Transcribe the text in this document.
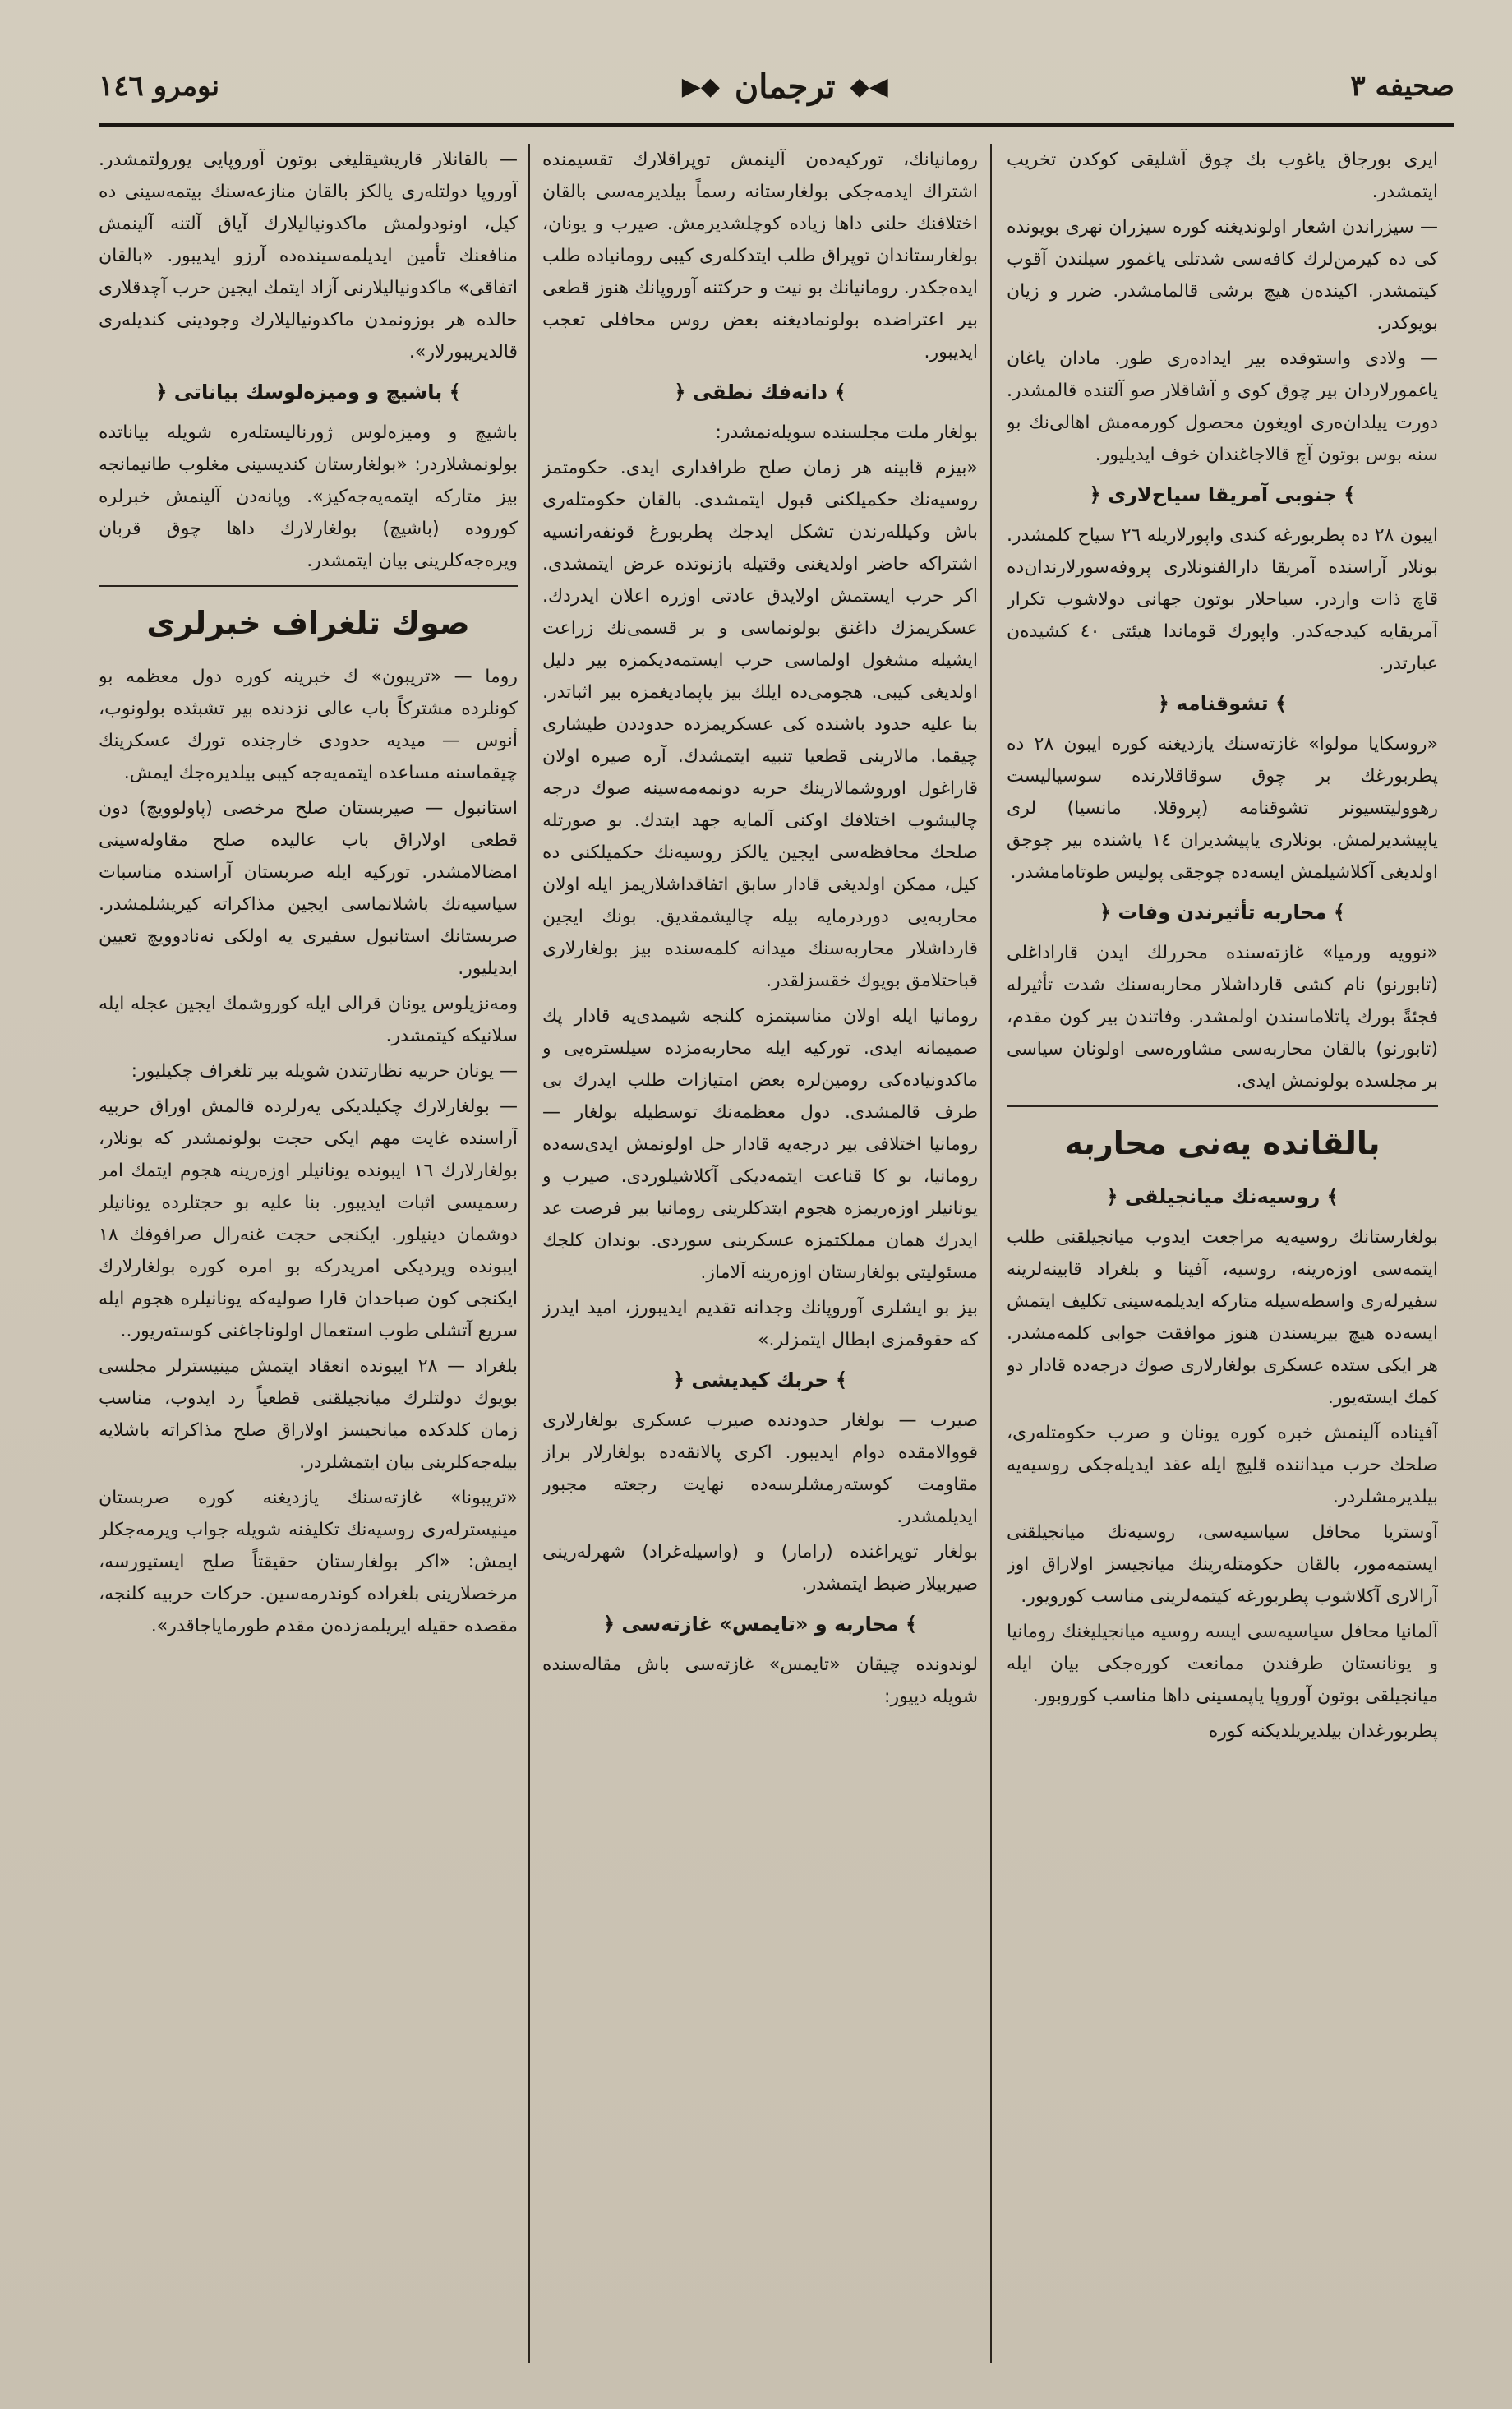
صحیفه ٣
◀◆
ترجمان
◆▶
نومرو ١٤٦

ایری بورجاق یاغوب بك چوق آشلیقی کوکدن تخریب ایتمشدر.

— سیزراندن اشعار اولوندیغنه کوره سیزران نهری بویونده کی ده کیرمن‌لرك کافه‌سی شدتلی یاغمور سیلندن آقوب کیتمشدر. اکینده‌ن هیچ برشی قالمامشدر. ضرر و زیان بویوکدر.

— ولادی واستوقده بیر ایداده‌ری طور. مادان یاغان یاغمورلاردان بیر چوق کوی و آشاقلار صو آلتنده قالمشدر. دورت ییلدان‌ه‌ری اویغون محصول کورمه‌مش اهالی‌نك بو سنه بوس بوتون آچ قالاجاغندان خوف ایدیلیور.

﴾ جنوبی آمریقا سیاح‌لاری ﴿

ایبون ٢٨ ده پطربورغه کندی واپورلاریله ٢٦ سیاح کلمشدر. بونلار آراسنده آمریقا دارالفنونلاری پروفه‌سورلارندان‌ده قاچ ذات واردر. سیاحلار بوتون جهانی دولاشوب تکرار آمریقایه کیدجه‌کدر. واپورك قوماندا هیئتی ٤٠ کشیده‌ن عبارتدر.

﴾ تشوقنامه ﴿

«روسکایا مولوا» غازته‌سنك یازدیغنه کوره ایبون ٢٨ ده پطربورغك بر چوق سوقاقلارنده سوسیالیست رهوولیتسیونر تشوقنامه (پروقلا. مانسیا) لری یاپیشدیرلمش. بونلاری یاپیشدیران ١٤ یاشنده بیر چوجق اولدیغی آکلاشیلمش ایسه‌ده چوجقی پولیس طوتامامشدر.

﴾ محاربه تأثیرندن وفات ﴿

«نوویه ورمیا» غازته‌سنده محررلك ایدن قاراداغلی (تابورنو) نام کشی قارداشلار محاربه‌سنك شدت تأثیرله فجئةً بورك پاتلاماسندن اولمشدر. وفاتندن بیر کون مقدم، (تابورنو) بالقان محاربه‌سی مشاوره‌سی اولونان سیاسی بر مجلسده بولونمش ایدی.

بالقانده یه‌نی محاربه
﴾ روسیه‌نك میانجیلقی ﴿

بولغارستانك روسیه‌یه مراجعت ایدوب میانجیلقنی طلب ایتمه‌سی اوزه‌رینه، روسیه، آفینا و بلغراد قابینه‌لرینه سفیرله‌ری واسطه‌سیله متارکه ایدیلمه‌سینی تکلیف ایتمش ایسه‌ده هیچ بیریسندن هنوز موافقت جوابی کلمه‌مشدر. هر ایکی ستده عسکری بولغارلاری صوك درجه‌ده قادار دو کمك ایسته‌یور.

آفیناده آلینمش خبره کوره یونان و صرب حکومتله‌ری، صلحك حرب میداننده قلیچ ایله عقد ایدیله‌جکی روسیه‌یه بیلدیرمشلردر.

آوستریا محافل سیاسیه‌سی، روسیه‌نك میانجیلقنی ایستمه‌مور، بالقان حکومتله‌رینك میانجیسز اولاراق اوز آرالاری آکلاشوب پطربورغه کیتمه‌لرینی مناسب کورویور.

آلمانیا محافل سیاسیه‌سی ایسه روسیه میانجیلیغنك رومانیا و یونانستان طرفندن ممانعت کوره‌جکی بیان ایله میانجیلقی بوتون آوروپا یاپمسینی داها مناسب کوروبور.

پطربورغدان بیلدیریلدیکنه کوره

رومانیانك، تورکیه‌ده‌ن آلینمش توپراقلارك تقسیمنده اشتراك ایدمه‌جکی بولغارستانه رسماً بیلدیرمه‌سی بالقان اختلافنك حلنی داها زیاده کوچلشدیرمش. صیرب و یونان، بولغارستاندان توپراق طلب ایتدکله‌ری کیبی رومانیاده طلب ایده‌جکدر. رومانیانك بو نیت و حرکتنه آوروپانك هنوز قطعی بیر اعتراضده بولونمادیغنه بعض روس محافلی تعجب ایدیبور.

﴾ دانه‌فك نطقی ﴿

بولغار ملت مجلسنده سویله‌نمشدر:

«بیزم قابینه هر زمان صلح طرافداری ایدی. حکومتمز روسیه‌نك حکمیلکنی قبول ایتمشدی. بالقان حکومتله‌ری باش وکیلله‌رندن تشکل ایدجك پطربورغ قونفه‌رانسیه اشتراکه حاضر اولدیغنی وقتیله بازنوتده عرض ایتمشدی. اکر حرب ایستمش اولایدق عادتی اوزره اعلان ایدردك. عسکریمزك داغنق بولونماسی و بر قسمی‌نك زراعت ایشیله مشغول اولماسی حرب ایستمه‌دیکمزه بیر دلیل اولدیغی کیبی. هجومی‌ده ایلك بیز یاپمادیغمزه بیر اثباتدر. بنا علیه حدود باشنده کی عسکریمزده حدوددن طیشاری چیقما. مالارینی قطعیا تنبیه ایتمشدك. آره صیره اولان قاراغول اوروشمالارینك حربه دونمه‌مه‌سینه صوك درجه چالیشوب اختلافك اوکنی آلمایه جهد ایتدك. بو صورتله صلحك محافظه‌سی ایجین یالکز روسیه‌نك حکمیلکنی ده کیل، ممکن اولدیغی قادار سابق اتفاقداشلاریمز ایله اولان محاربه‌یی دوردرمایه بیله چالیشمقدیق. بونك ایجین قارداشلار محاربه‌سنك میدانه کلمه‌سنده بیز بولغارلاری قباحتلامق بویوك خقسزلقدر.

رومانیا ایله اولان مناسبتمزه کلنجه شیمدی‌یه قادار پك صمیمانه ایدی. تورکیه ایله محاربه‌مزده سیلستره‌یی و ماکدونیاده‌کی رومین‌لره بعض امتیازات طلب ایدرك بی طرف قالمشدی. دول معظمه‌نك توسطیله بولغار — رومانیا اختلافی بیر درجه‌یه قادار حل اولونمش ایدی‌سه‌ده رومانیا، بو کا قناعت ایتمه‌دیکی آکلاشیلوردی. صیرب و یونانیلر اوزه‌ریمزه هجوم ایتدکلرینی رومانیا بیر فرصت عد ایدرك همان مملکتمزه عسکرینی سوردی. بوندان کلجك مسئولیتی بولغارستان اوزه‌رینه آلاماز.

بیز بو ایشلری آوروپانك وجدانه تقدیم ایدیبورز، امید ایدرز که حقوقمزی ابطال ایتمزلر.»

﴾ حربك کیدیشی ﴿

صیرب — بولغار حدودنده صیرب عسکری بولغارلاری قووالامقده دوام ایدیبور. اکری پالانقه‌ده بولغارلار براز مقاومت کوسته‌رمشلرسه‌ده نهایت رجعته مجبور ایدیلمشدر.

بولغار توپراغنده (رامار) و (واسیله‌غراد) شهرله‌رینی صیربیلار ضبط ایتمشدر.

﴾ محاربه و «تایمس» غازته‌سی ﴿

لوندونده چیقان «تایمس» غازته‌سی باش مقاله‌سنده شویله دییور:

— بالقانلار قاریشیقلیغی بوتون آوروپایی یورولتمشدر. آوروپا دولتله‌ری یالکز بالقان منازعه‌سنك بیتمه‌سینی ده کیل، اونودولمش ماکدونیالیلارك آیاق آلتنه آلینمش منافعنك تأمین ایدیلمه‌سینده‌ده آرزو ایدیبور. «بالقان اتفاقی» ماکدونیالیلارنی آزاد ایتمك ایجین حرب آچدقلاری حالده هر بوزونمدن ماکدونیالیلارك وجودینی کندیله‌ری قالدیریبورلار».

﴾ باشیچ و ومیزه‌لوسك بیاناتی ﴿

باشیچ و ومیزه‌لوس ژورنالیستله‌ره شویله بیاناتده بولونمشلاردر: «بولغارستان کندیسینی مغلوب طانیمانجه بیز متارکه ایتمه‌یه‌جه‌کیز». وپانه‌دن آلینمش خبرلره کوروده (باشیچ) بولغارلارك داها چوق قربان ویره‌جه‌کلرینی بیان ایتمشدر.

صوك تلغراف خبرلری

روما — «تریبون» ك خبرینه کوره دول معظمه بو کونلرده مشترکاً باب عالی نزدنده بیر تشبثده بولونوب، أنوس — میدیه حدودی خارجنده تورك عسکرینك چیقماسنه مساعده ایتمه‌یه‌جه کیبی بیلدیره‌جك ایمش.

استانبول — صیربستان صلح مرخصی (پاولوویچ) دون قطعی اولاراق باب عالیده صلح مقاوله‌سینی امضالامشدر. تورکیه ایله صربستان آراسنده مناسبات سیاسیه‌نك باشلانماسی ایجین مذاکراته کیریشلمشدر. صربستانك استانبول سفیری یه اولکی نه‌نادوویچ تعیین ایدیلیور.

ومه‌نزیلوس یونان قرالی ایله کوروشمك ایجین عجله ایله سلانیکه کیتمشدر.

— یونان حربیه نظارتندن شویله بیر تلغراف چکیلیور:

— بولغارلارك چکیلدیکی یه‌رلرده قالمش اوراق حربیه آراسنده غایت مهم ایکی حجت بولونمشدر که بونلار، بولغارلارك ١٦ ایبونده یونانیلر اوزه‌رینه هجوم ایتمك امر رسمیسی اثبات ایدیبور. بنا علیه بو حجتلرده یونانیلر دوشمان دینیلور. ایکنجی حجت غنه‌رال صرافوفك ١٨ ایبونده ویردیکی امریدرکه بو امره کوره بولغارلارك ایکنجی کون صباحدان قارا صولیه‌که یونانیلره هجوم ایله سریع آتشلی طوب استعمال اولوناجاغنی کوسته‌ریور..

بلغراد — ٢٨ ایبونده انعقاد ایتمش مینیسترلر مجلسی بویوك دولتلرك میانجیلقنی قطعیاً رد ایدوب، مناسب زمان کلدکده میانجیسز اولاراق صلح مذاکراته باشلایه بیله‌جه‌کلرینی بیان ایتمشلردر.

«تریبونا» غازته‌سنك یازدیغنه کوره صربستان مینیسترله‌ری روسیه‌نك تکلیفنه شویله جواب ویرمه‌جکلر ایمش: «اکر بولغارستان حقیقتاً صلح ایستیورسه، مرخصلارینی بلغراده کوندرمه‌سین. حرکات حربیه کلنجه، مقصده حقیله ایریلمه‌زده‌ن مقدم طورمایاجاقدر».
